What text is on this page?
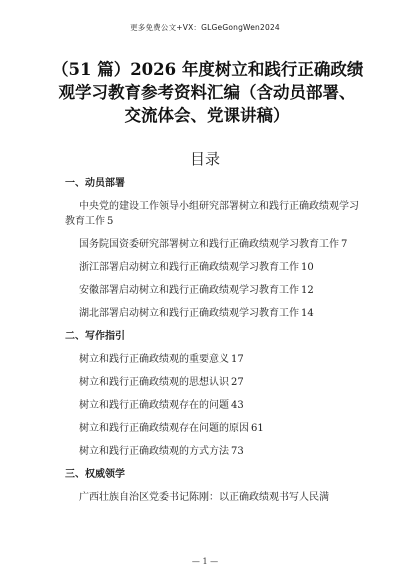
更多免费公文+VX：GLGeGongWen2024
（51 篇）2026 年度树立和践行正确政绩
观学习教育参考资料汇编（含动员部署、
交流体会、党课讲稿）
目录
一、动员部署
中央党的建设工作领导小组研究部署树立和践行正确政绩观学习教育工作 5
国务院国资委研究部署树立和践行正确政绩观学习教育工作 7
浙江部署启动树立和践行正确政绩观学习教育工作 10
安徽部署启动树立和践行正确政绩观学习教育工作 12
湖北部署启动树立和践行正确政绩观学习教育工作 14
二、写作指引
树立和践行正确政绩观的重要意义 17
树立和践行正确政绩观的思想认识 27
树立和践行正确政绩观存在的问题 43
树立和践行正确政绩观存在问题的原因 61
树立和践行正确政绩观的方式方法 73
三、权威领学
广西壮族自治区党委书记陈刚：以正确政绩观书写人民满
— 1 —
